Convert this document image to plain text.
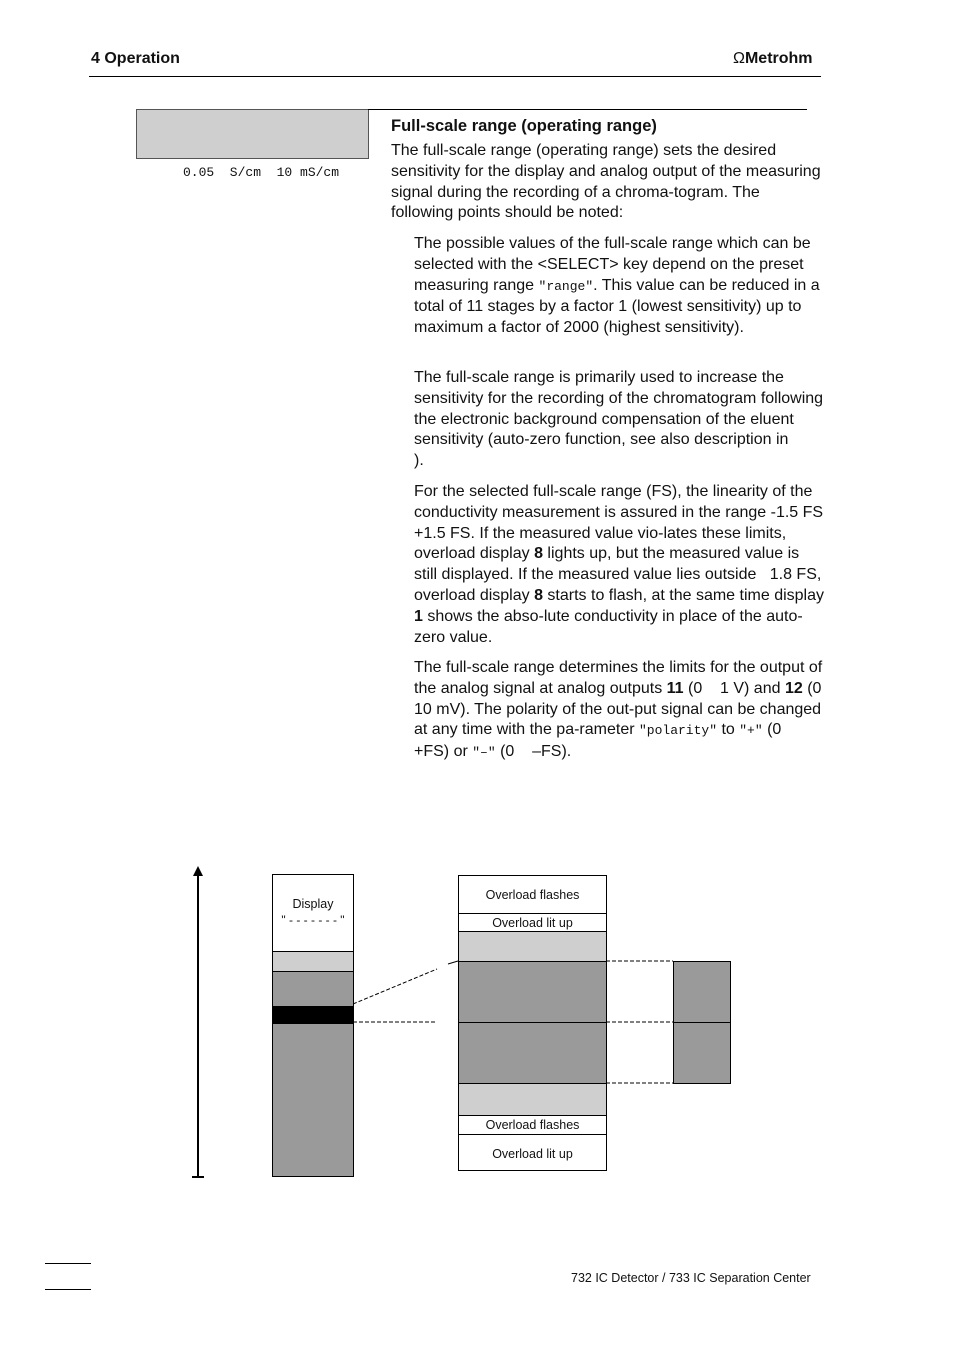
4 Operation	ΩMetrohm
0.05  S/cm  10 mS/cm
Full-scale range (operating range)

The full-scale range (operating range) sets the desired sensitivity for the display and analog output of the measuring signal during the recording of a chroma-togram. The following points should be noted:

The possible values of the full-scale range which can be selected with the <SELECT> key depend on the preset measuring range "range". This value can be reduced in a total of 11 stages by a factor 1 (lowest sensitivity) up to maximum a factor of 2000 (highest sensitivity).

The full-scale range is primarily used to increase the sensitivity for the recording of the chromatogram following the electronic background compensation of the eluent sensitivity (auto-zero function, see also description in                   ).

For the selected full-scale range (FS), the linearity of the conductivity measurement is assured in the range -1.5 FS    +1.5 FS. If the measured value vio-lates these limits, overload display 8 lights up, but the measured value is still displayed. If the measured value lies outside   1.8 FS, overload display 8 starts to flash, at the same time display 1 shows the abso-lute conductivity in place of the auto-zero value.

The full-scale range determines the limits for the output of the analog signal at analog outputs 11 (0    1 V) and 12 (0    10 mV). The polarity of the out-put signal can be changed at any time with the pa-rameter "polarity" to "+" (0    +FS) or "–" (0    –FS).

Display
" - - - - - - - "
Overload flashes
Overload lit up
Overload flashes
Overload lit up
732 IC Detector / 733 IC Separation Center
